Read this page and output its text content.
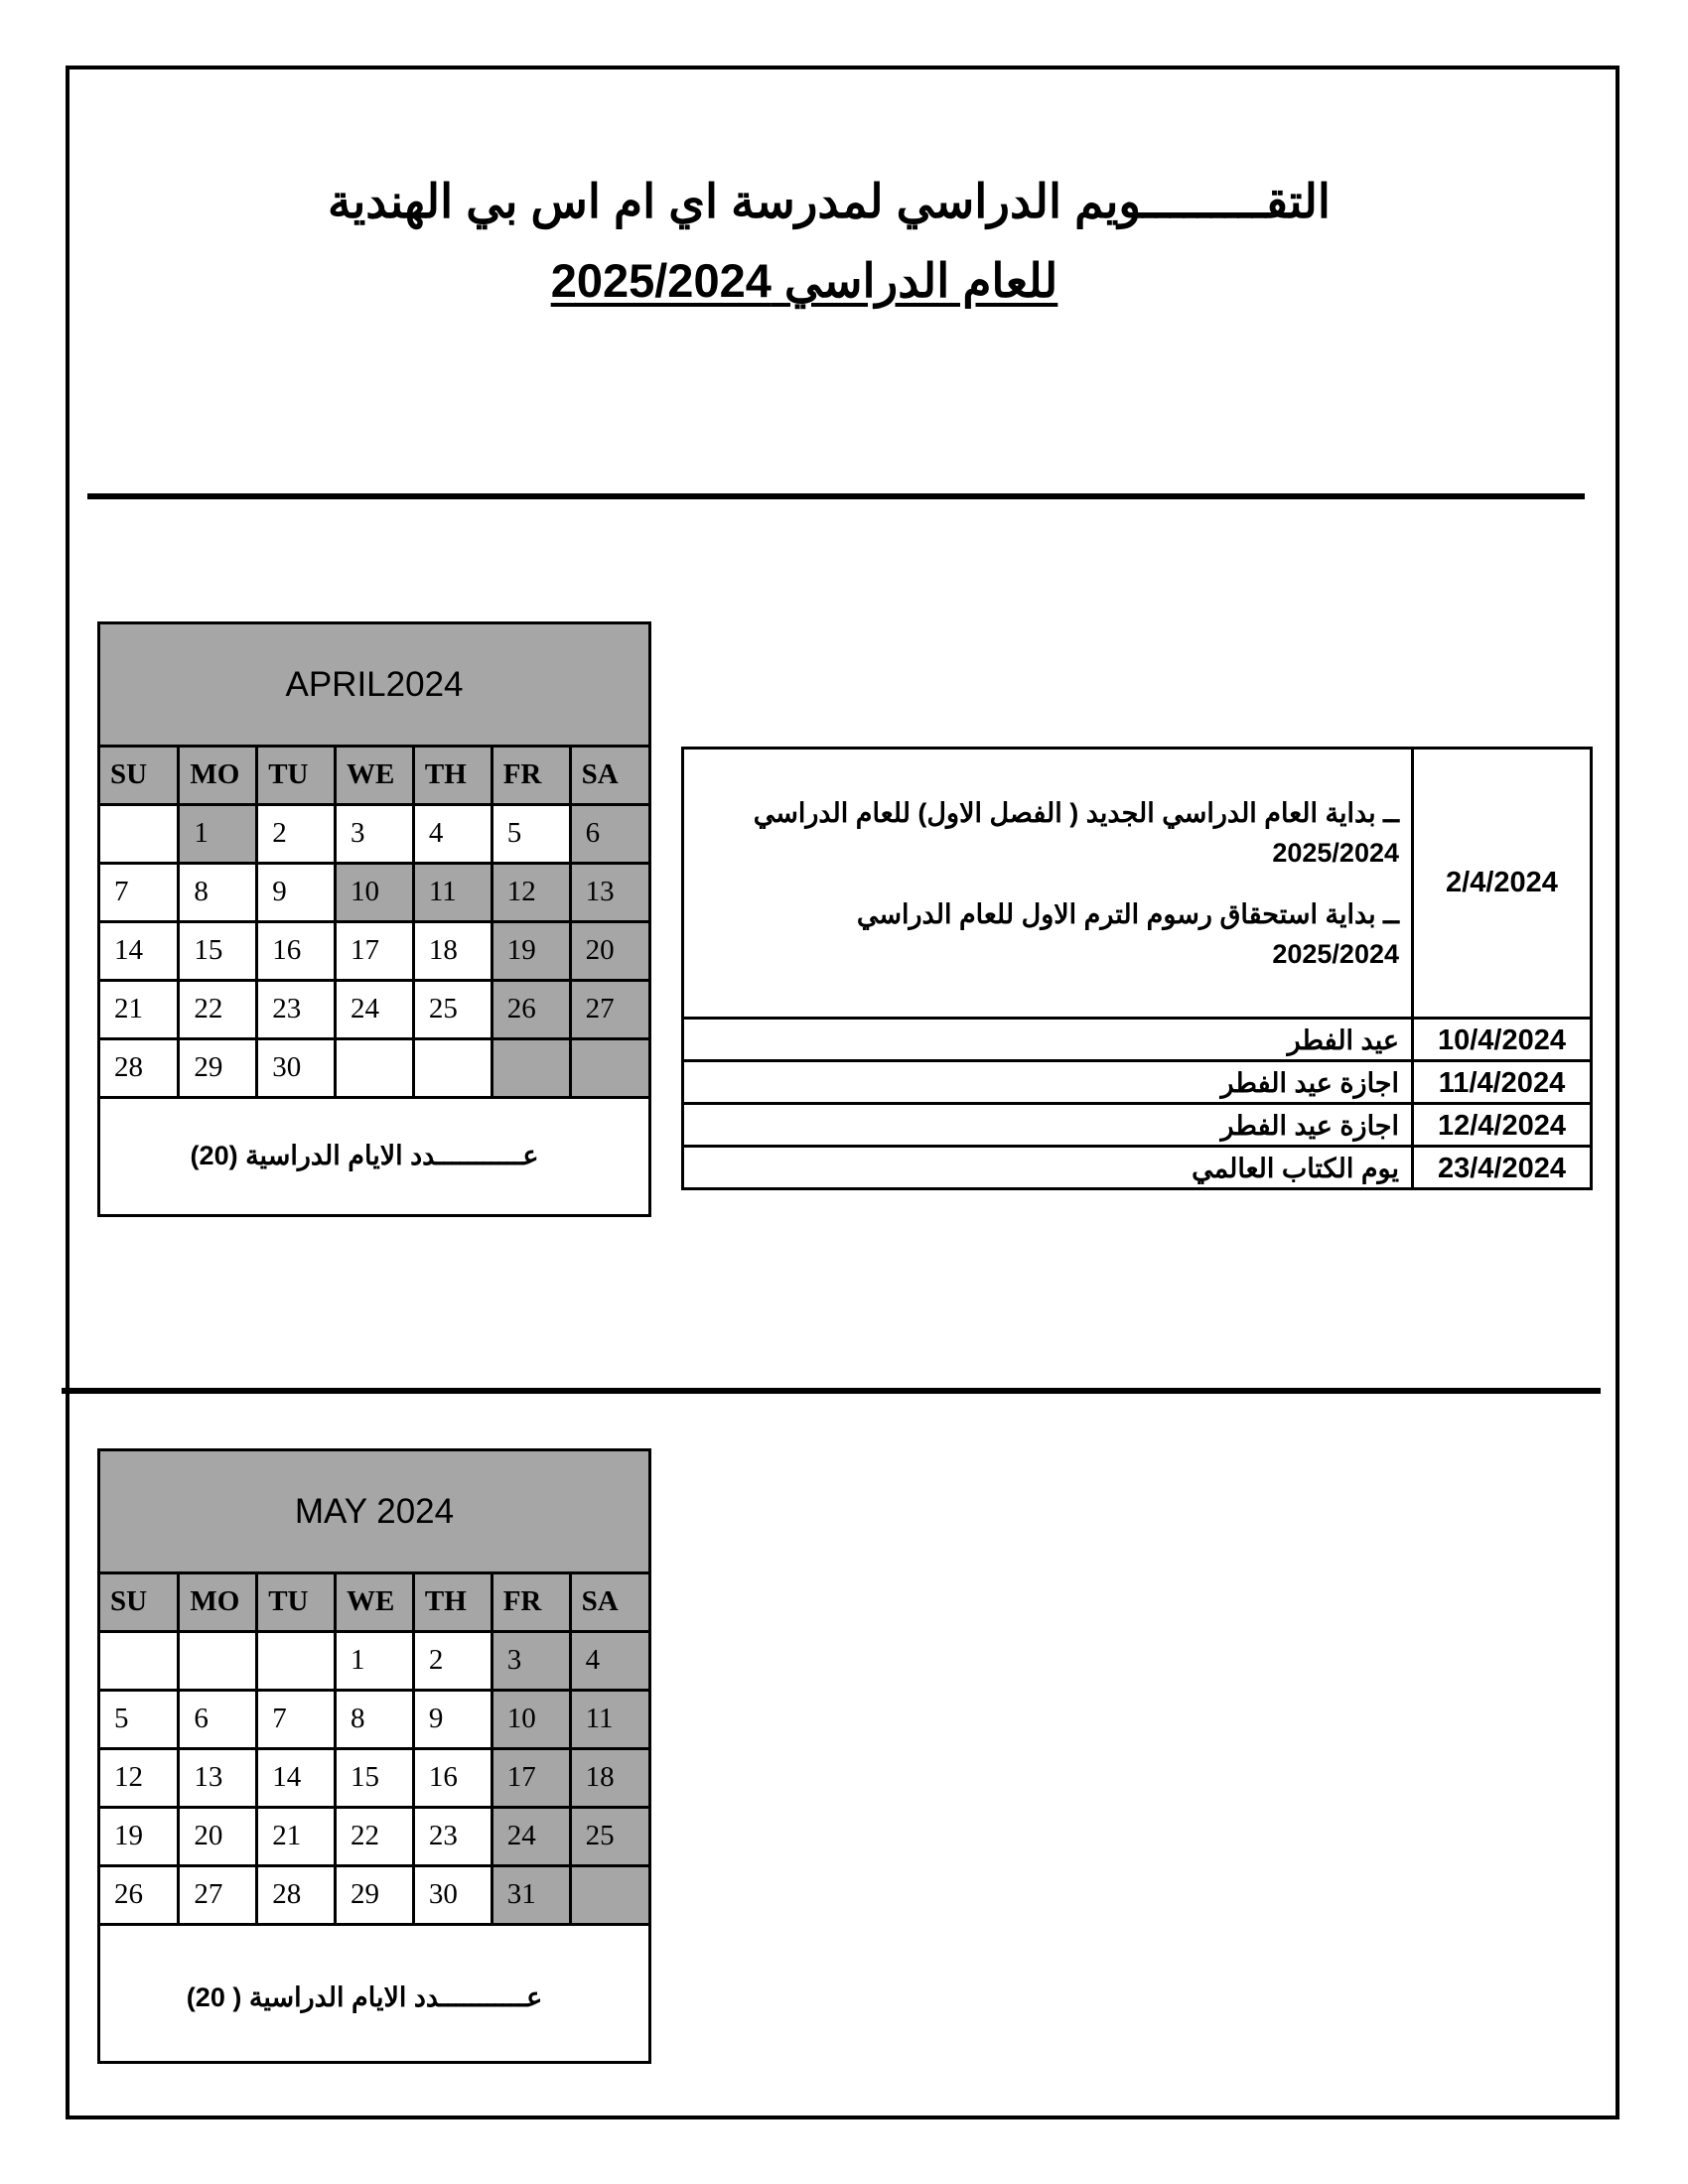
التقـــــــــويم الدراسي لمدرسة اي ام اس بي الهندية
للعام الدراسي 2025/2024
APRIL2024
SU	MO	TU	WE	TH	FR	SA
	1	2	3	4	5	6
7	8	9	10	11	12	13
14	15	16	17	18	19	20
21	22	23	24	25	26	27
28	29	30				
عـــــــــــدد الايام الدراسية (20)
ــ بداية العام الدراسي الجديد ( الفصل الاول) للعام الدراسي
2025/2024
ــ بداية استحقاق رسوم الترم الاول للعام الدراسي
2025/2024	2/4/2024
عيد الفطر	10/4/2024
اجازة عيد الفطر	11/4/2024
اجازة عيد الفطر	12/4/2024
يوم الكتاب العالمي	23/4/2024
MAY 2024
SU	MO	TU	WE	TH	FR	SA
			1	2	3	4
5	6	7	8	9	10	11
12	13	14	15	16	17	18
19	20	21	22	23	24	25
26	27	28	29	30	31	
عـــــــــــدد الايام الدراسية ( 20)
